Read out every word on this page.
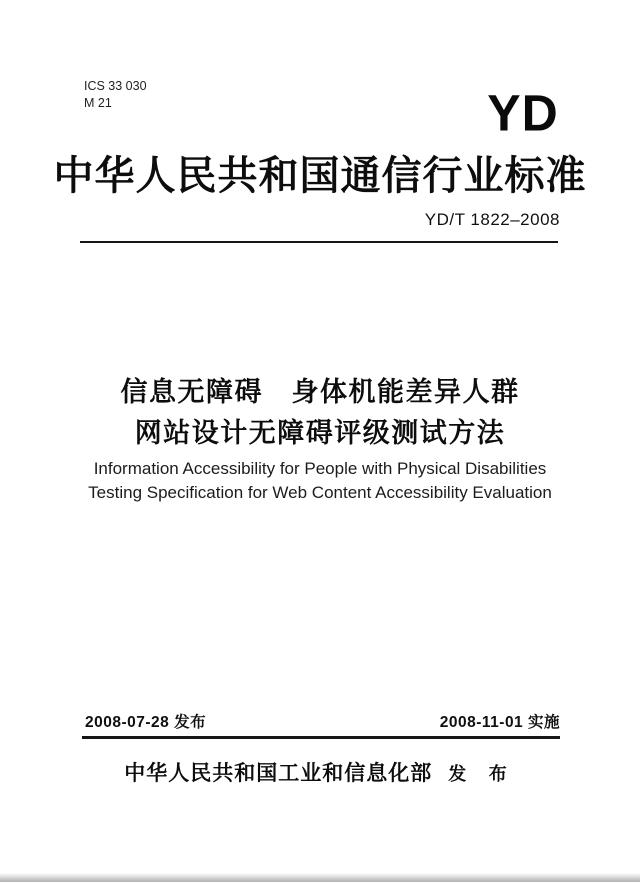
ICS 33 030
M 21	YD
中华人民共和国通信行业标准
YD/T 1822–2008
信息无障碍　身体机能差异人群
网站设计无障碍评级测试方法
Information Accessibility for People with Physical Disabilities
Testing Specification for Web Content Accessibility Evaluation
2008-07-28 发布	2008-11-01 实施
中华人民共和国工业和信息化部 发 布
